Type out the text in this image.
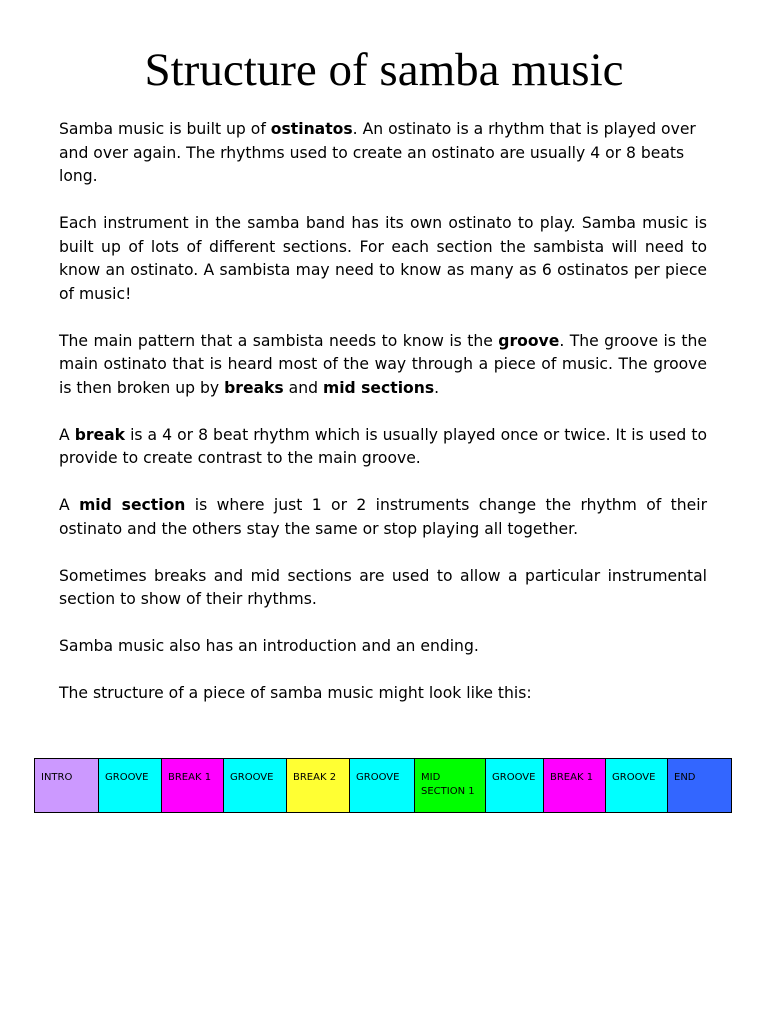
Structure of samba music

Samba music is built up of ostinatos. An ostinato is a rhythm that is played over and over again. The rhythms used to create an ostinato are usually 4 or 8 beats long.

Each instrument in the samba band has its own ostinato to play. Samba music is built up of lots of different sections. For each section the sambista will need to know an ostinato. A sambista may need to know as many as 6 ostinatos per piece of music!

The main pattern that a sambista needs to know is the groove. The groove is the main ostinato that is heard most of the way through a piece of music. The groove is then broken up by breaks and mid sections.

A break is a 4 or 8 beat rhythm which is usually played once or twice. It is used to provide to create contrast to the main groove.

A mid section is where just 1 or 2 instruments change the rhythm of their ostinato and the others stay the same or stop playing all together.

Sometimes breaks and mid sections are used to allow a particular instrumental section to show of their rhythms.

Samba music also has an introduction and an ending.

The structure of a piece of samba music might look like this:

INTRO	GROOVE	BREAK 1	GROOVE	BREAK 2	GROOVE	MID SECTION 1
GROOVE	BREAK 1	GROOVE	END
